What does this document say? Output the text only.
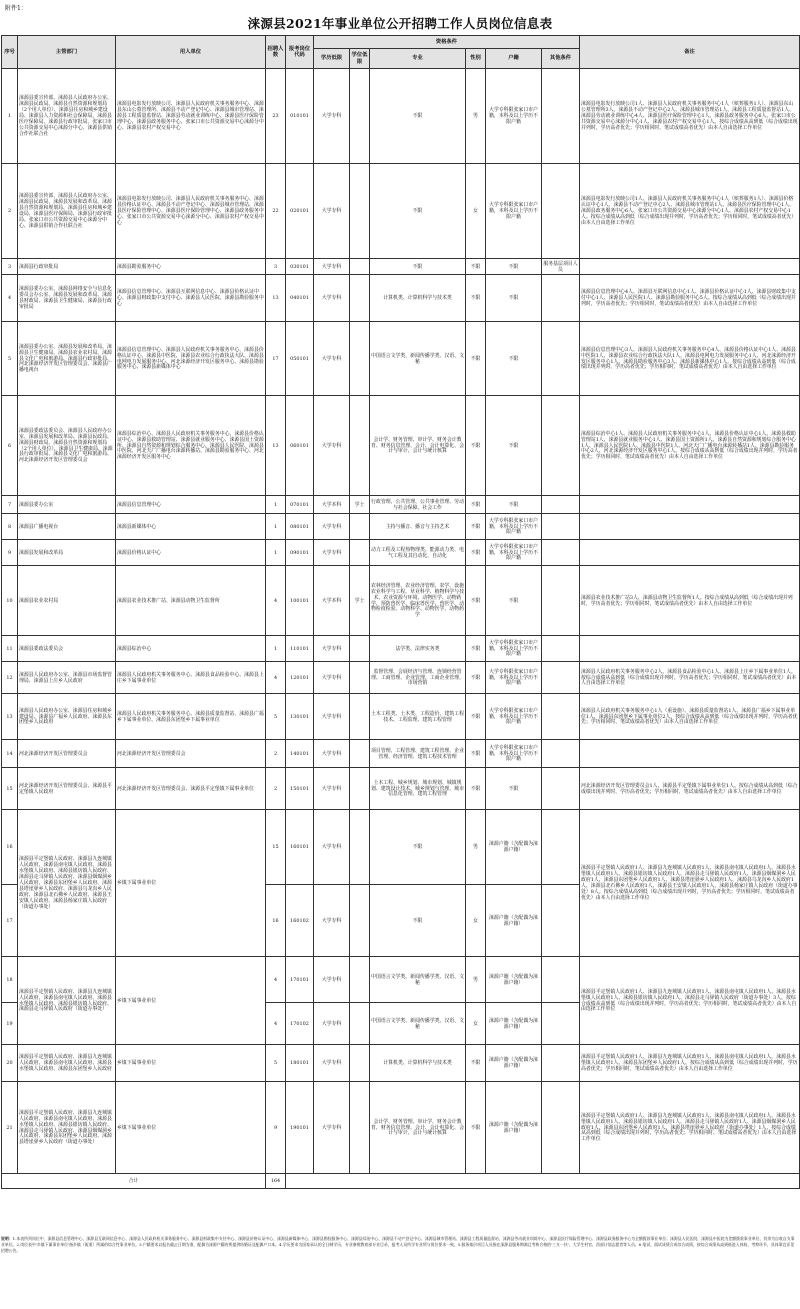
附件1：
涞源县2021年事业单位公开招聘工作人员岗位信息表
序号	主管部门	用人单位	招聘人数	报考岗位代码	资格条件						备注
					学历低限	学位低限	专业	性别	户籍	其他条件	
1	涞源县委宣传部、涞源县人民政府办公室、涞源县民政局、涞源县自然资源和规划局（2个用人单位）、涞源县住房和城乡建设局、涞源县人力资源和社会保障局、涞源县医疗保障局、涞源县行政审批局、张家口市公共资源交易中心涞源分中心、涞源县供销合作社联合社	涞源县电影发行放映公司、涞源县人民政府机关事务服务中心、涞源县东山公墓管理所、涞源县不动产登记中心、涞源县城市管理站、涞源县工程质量监督站、涞源县劳动就业训练中心、涞源县医疗保险管理中心、涞源县政务服务中心、张家口市公共资源交易中心涞源分中心、涞源县农村产权交易中心	23	010101	大学专科		不限	男	大学专科限张家口市户籍，本科及以上学历不限户籍		涞源县电影发行放映公司1人、涞源县人民政府机关事务服务中心1人（殡葬服务1人）、涞源县东山公墓管理所3人、涞源县不动产登记中心2人、涞源县城市管理站1人、涞源县工程质量监督站1人、涞源县劳动就业训练中心4人、涞源县医疗保险管理中心1人、涞源县政务服务中心6人、张家口市公共资源交易中心涞源分中心1人、涞源县农村产权交易中心1人。按综合成绩从高到低（综合成绩出现并列时，学历高者优先；学历相同时，笔试成绩高者优先）由本人自由选择工作单位
2	涞源县委宣传部、涞源县人民政府办公室、涞源县民政局、涞源县发展和改革局、涞源县自然资源和规划局、涞源县住房和城乡建设局、涞源县医疗保障局、涞源县行政审批局、张家口市公共资源交易中心涞源分中心、涞源县供销合作社联合社	涞源县电影发行放映公司、涞源县人民政府机关事务服务中心、涞源县价格认证中心、涞源县不动产登记中心、涞源县城市管理站、涞源县医疗保险管理中心、涞源县医疗保险管理中心、涞源县政务服务中心、张家口市公共资源交易中心涞源分中心、涞源县农村产权交易中心	22	020101	大学专科		不限	女	大学专科限张家口市户籍，本科及以上学历不限户籍		涞源县电影发行放映公司1人、涞源县人民政府机关事务服务中心1人（殡葬服务1人）、涞源县价格认证中心1人、涞源县不动产登记中心2人、涞源县城市管理站1人、涞源县医疗保险管理中心1人、涞源县政务服务中心6人、张家口市公共资源交易中心涞源分中心1人、涞源县农村产权交易中心1人。按综合成绩从高到低（综合成绩出现并列时，学历高者优先；学历相同时，笔试成绩高者优先）由本人自由选择工作单位
3	涞源县行政审批局	涞源县勘验服务中心	3	030101	大学专科		不限	不限	不限	服务基层项目人员	
4	涞源县委办公室、涞源县网络安全与信息化委员会办公室、涞源县发展和改革局、涞源县财政局、涞源县卫生健康局、涞源县行政审批局	涞源县信息管理中心、涞源县互联网信息中心、涞源县价格认证中心、涞源县财政集中支付中心、涞源县人民医院、涞源县勘验服务中心	13	040101	大学专科		计算机类、计算机科学与技术类	不限	不限		涞源县信息管理中心4人、涞源县互联网信息中心1人、涞源县价格认证中心1人、涞源县财政集中支付中心1人、涞源县人民医院1人、涞源县勘验服务中心5人。按综合成绩从高到低（综合成绩出现并列时，学历高者优先；学历相同时，笔试成绩高者优先）由本人自由选择工作单位
5	涞源县委办公室、涞源县发展和改革局、涞源县卫生健康局、涞源县农业农村局、涞源县文化广电和旅游局、涞源县行政审批局、河北涞源经济开发区管理委员会、涞源县广播电视台	涞源县信息管理中心、涞源县人民政府机关事务服务中心、涞源县价格认证中心、涞源县中医院、涞源县农业综合行政执法大队、涞源县电网电力发展服务中心、河北涞源经济开发区服务中心、涞源县勘验服务中心、涞源县新媒体中心	17	050101	大学专科		中国语言文学类、新闻传播学类、汉语、文秘	不限	不限		涞源县信息管理中心3人、涞源县人民政府机关事务服务中心4人、涞源县价格认证中心1人、涞源县中医院1人、涞源县农业综合行政执法大队1人、涞源县电网电力发展服务中心1人、河北涞源经济开发区服务中心1人、涞源县勘验服务中心3人、涞源县新媒体中心1人。按综合成绩从高到低（综合成绩出现并列时，学历高者优先；学历相同时，笔试成绩高者优先）由本人自由选择工作单位
6	涞源县委政法委员会、涞源县人民政府办公室、涞源县发展和改革局、涞源县民政局、涞源县财政局、涞源县自然资源和规划局（2个用人单位）、涞源县卫生健康局、涞源县行政审批局、涞源县文化广电和旅游局、河北涞源经济开发区管理委员会	涞源县综治中心、涞源县人民政府机关事务服务中心、涞源县价格认证中心、涞源县救助管理站、涞源县就业服务中心、涞源县国土资源所、涞源县自然资源和规划综合服务中心、涞源县人民医院、涞源县中医院、河北天广广播电台涞源转播站、涞源县勘验服务中心、河北涞源经济开发区服务中心	13	060101	大学专科		会计学、财务管理、审计学、财务会计教育、财务信息管理、会计、会计电算化、会计与审计、会计与统计核算	不限	不限		涞源县综治中心1人、涞源县人民政府机关事务服务中心1人、涞源县价格认证中心1人、涞源县救助管理站1人、涞源县就业服务中心1人、涞源县国土资源所1人、涞源县自然资源和规划综合服务中心1人、涞源县人民医院1人、涞源县中医院1人、河北天广广播电台涞源转播站1人、涞源县勘验服务中心2人、河北涞源经济开发区服务中心1人。按综合成绩从高到低（综合成绩出现并列时，学历高者优先；学历相同时，笔试成绩高者优先）由本人自由选择工作单位
7	涞源县委办公室	涞源县信息管理中心	1	070101	大学本科	学士	行政管理、公共管理、公共事业管理、劳动与社会保障、社会工作	不限	不限		
8	涞源县广播电视台	涞源县新媒体中心	1	080101	大学专科		主持与播音、播音与主持艺术	不限	大学专科限张家口市户籍，本科及以上学历不限户籍		
9	涞源县发展和改革局	涞源县价格认证中心	1	090101	大学专科		动力工程及工程热物理类、能源动力类、电气工程及其自动化、自动化	不限	大学专科限张家口市户籍，本科及以上学历不限户籍		
10	涞源县农业农村局	涞源县农业技术推广站、涞源县动物卫生监督所	4	100101	大学本科	学士	农林经济管理、农业经济管理、农学、设施农业科学与工程、草业科学、植物科学与技术、农业资源与环境、动物医学、动物药学、预防兽医学、临床兽医学、兽医学、动物检疫检验、动物科学、动物医学、动物药学	不限	不限		涞源县农业技术推广站3人、涞源县动物卫生监督所1人。按综合成绩从高到低（综合成绩出现并列时，学历高者优先；学历相同时，笔试成绩高者优先）由本人自由选择工作单位
11	涞源县委政法委员会	涞源县综治中心	1	110101	大学专科		法学类、法律实务类	不限	大学专科限张家口市户籍，本科及以上学历不限户籍		
12	涞源县人民政府办公室、涞源县市场监督管理局、涞源县上庄乡人民政府	涞源县人民政府机关事务服务中心、涞源县食品检验中心、涞源县上庄乡下属事业单位	4	120101	大学专科		监督管理、会展经济与管理、连锁经营管理、工商管理、企业管理、工商企业管理、市场营销	不限	大学专科限张家口市户籍，本科及以上学历不限户籍		涞源县人民政府机关事务服务中心2人、涞源县食品检验中心1人、涞源县上庄乡下属事业单位1人。按综合成绩从高到低（综合成绩出现并列时，学历高者优先；学历相同时，笔试成绩高者优先）由本人自由选择工作单位
13	涞源县人民政府办公室、涞源县住房和城乡建设局、涞源县广福乡人民政府、涞源县东团堡乡人民政府	涞源县人民政府机关事务服务中心、涞源县质量监督站、涞源县广福乡下属事业单位、涞源县东团堡乡下属事业单位	5	130101	大学专科		土木工程类、土木类、工程造价、建筑工程技术、工程监理、建筑工程管理	不限	大学专科限张家口市户籍，本科及以上学历不限户籍		涞源县人民政府机关事务服务中心1人（重设施）、涞源县质量监督站1人、涞源县广福乡下属事业单位1人、涞源县东团堡乡下属事业单位2人。按综合成绩从高到低（综合成绩出现并列时，学历高者优先；学历相同时，笔试成绩高者优先）由本人自由选择工作单位
14	河北涞源经济开发区管理委员会	河北涞源经济开发区管理委员会	2	140101	大学专科		项目管理、工程管理、建筑工程管理、企业管理、经济管理、建筑工程技术管理	不限	大学专科限张家口市户籍，本科及以上学历不限户籍		
15	河北涞源经济开发区管理委员会、涞源县平定堡镇人民政府	河北涞源经济开发区管理委员会、涞源县平定堡镇下属事业单位	2	150101	大学专科		土木工程、城乡规划、城市规划、城镇规划、建筑设计技术、城乡规划与管理、城市信息化管理、建筑工程管理	不限	不限		河北涞源经济开发区管理委员会1人、涞源县平定堡镇下属事业单位1人。按综合成绩从高到低（综合成绩出现并列时，学历高者优先；学历相同时，笔试成绩高者优先）由本人自由选择工作单位
16	涞源县平定堡镇人民政府、涞源县九连城镇人民政府、涞源县南屯镇人民政府、涞源县水堡镇人民政府、涞源县银坊镇人民政府、涞源县走马驿镇人民政府、涞源县烟煤洞乡人民政府、涞源县东团堡乡人民政府、涞源县塔崖驿乡人民政府、涞源县乌龙沟乡人民政府、涞源县北石佛乡人民政府、涞源县王安镇人民政府、涞源县杨家庄镇人民政府（街道办事处）	乡镇下属事业单位	15	160101	大学专科		不限	男	涞源户籍（含配偶为涞源户籍）		涞源县平定堡镇人民政府1人、涞源县九连城镇人民政府1人、涞源县南屯镇人民政府1人、涞源县水堡镇人民政府1人、涞源县银坊镇人民政府1人、涞源县走马驿镇人民政府1人、涞源县烟煤洞乡人民政府1人、涞源县东团堡乡人民政府1人、涞源县塔崖驿乡人民政府1人、涞源县乌龙沟乡人民政府1人、涞源县北石佛乡人民政府1人、涞源县王安镇人民政府1人、涞源县杨家庄镇人民政府（街道办事处）8人。按综合成绩从高到低（综合成绩出现并列时，学历高者优先；学历相同时，笔试成绩高者优先）由本人自由选择工作单位
17			16	160102	大学专科		不限	女	涞源户籍（含配偶为涞源户籍）		
18	涞源县平定堡镇人民政府、涞源县九连城镇人民政府、涞源县南屯镇人民政府、涞源县水堡镇人民政府、涞源县银坊镇人民政府、涞源县走马驿镇人民政府（街道办事处）	乡镇下属事业单位	4	170101	大学专科		中国语言文学类、新闻传播学类、汉语、文秘	男	涞源户籍（含配偶为涞源户籍）		涞源县平定堡镇人民政府1人、涞源县九连城镇人民政府1人、涞源县南屯镇人民政府1人、涞源县水堡镇人民政府1人、涞源县银坊镇人民政府1人、涞源县走马驿镇人民政府（街道办事处）3人。按综合成绩从高到低（综合成绩出现并列时，学历高者优先；学历相同时，笔试成绩高者优先）由本人自由选择工作单位
19			4	170102	大学专科		中国语言文学类、新闻传播学类、汉语、文秘	女	涞源户籍（含配偶为涞源户籍）		
20	涞源县平定堡镇人民政府、涞源县九连城镇人民政府、涞源县南屯镇人民政府、涞源县水堡镇人民政府、涞源县东团堡乡人民政府	乡镇下属事业单位	5	180101	大学专科		计算机类、计算机科学与技术类	不限	涞源户籍（含配偶为涞源户籍）		涞源县平定堡镇人民政府1人、涞源县九连城镇人民政府1人、涞源县南屯镇人民政府1人、涞源县水堡镇人民政府1人、涞源县东团堡乡人民政府1人。按综合成绩从高到低（综合成绩出现并列时，学历高者优先；学历相同时，笔试成绩高者优先）由本人自由选择工作单位
21	涞源县平定堡镇人民政府、涞源县九连城镇人民政府、涞源县南屯镇人民政府、涞源县水堡镇人民政府、涞源县银坊镇人民政府、涞源县走马驿镇人民政府、涞源县烟煤洞乡人民政府、涞源县东团堡乡人民政府、涞源县塔崖驿乡人民政府（街道办事处）	乡镇下属事业单位	9	190101	大学专科		会计学、财务管理、审计学、财务会计教育、财务信息管理、会计、会计电算化、会计与审计、会计与统计核算	不限	涞源户籍（含配偶为涞源户籍）		涞源县平定堡镇人民政府1人、涞源县九连城镇人民政府1人、涞源县南屯镇人民政府1人、涞源县水堡镇人民政府1人、涞源县银坊镇人民政府1人、涞源县走马驿镇人民政府1人、涞源县烟煤洞乡人民政府1人、涞源县东团堡乡人民政府1人、涞源县塔崖驿乡人民政府（街道办事处）1人。按综合成绩从高到低（综合成绩出现并列时，学历高者优先；学历相同时，笔试成绩高者优先）由本人自由选择工作单位
合计			164								
说明：1.本表所列岗位中，涞源县信息管理中心、涞源县互联网信息中心、涞源县人民政府机关事务服务中心、涞源县财政集中支付中心、涞源县价格认证中心、涞源县新媒体中心、涞源县勘验服务中心、涞源县综治中心、涞源县不动产登记中心、涞源县城市管理站、涞源县工程质量监督站、涞源县劳动就业训练中心、涞源县医疗保险管理中心、涞源县政务服务中心为全额拨款事业单位；涞源县人民医院、涞源县中医院为差额拨款事业单位，其余为自收自支事业单位。2.岗位表中'乡镇下属事业单位'指乡镇（街道）所属的综合性事业单位。3.户籍要求以报名截止日期为准，配偶为涞源户籍的须提供结婚证及配偶户口本。4.学历要求为国家承认的全日制学历，专业参照教育部专业目录，报考人员所学专业须与岗位要求一致。5.服务基层项目人员指在涞源县服务期满且考核合格的'三支一扶'、大学生村官、西部计划志愿者等人员。6.笔试、面试成绩合成综合成绩，按综合成绩从高到低进入体检、考察环节，具体事宜详见招聘公告。
